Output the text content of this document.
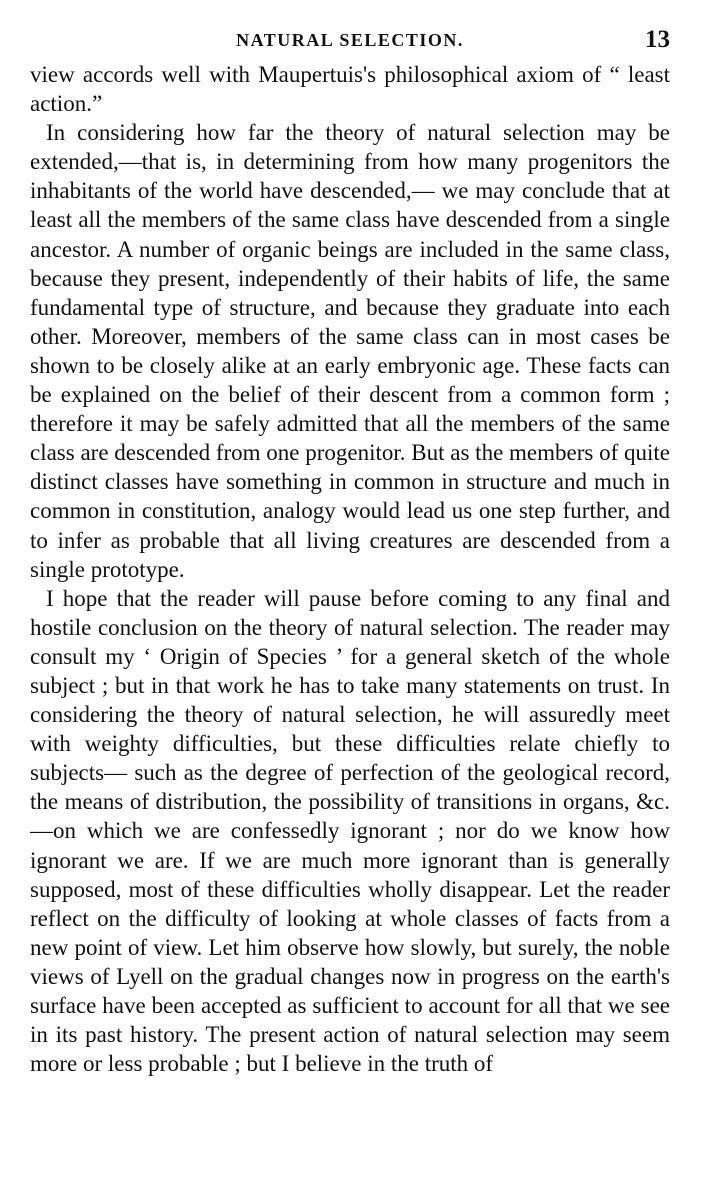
NATURAL SELECTION.	13

view accords well with Maupertuis's philosophical axiom of “ least action.”

In considering how far the theory of natural selection may be extended,—that is, in determining from how many progenitors the inhabitants of the world have descended,— we may conclude that at least all the members of the same class have descended from a single ancestor. A number of organic beings are included in the same class, because they present, independently of their habits of life, the same fundamental type of structure, and because they graduate into each other. Moreover, members of the same class can in most cases be shown to be closely alike at an early embryonic age. These facts can be explained on the belief of their descent from a common form ; therefore it may be safely admitted that all the members of the same class are descended from one progenitor. But as the members of quite distinct classes have something in common in structure and much in common in constitution, analogy would lead us one step further, and to infer as probable that all living creatures are descended from a single prototype.

I hope that the reader will pause before coming to any final and hostile conclusion on the theory of natural selection. The reader may consult my ‘ Origin of Species ’ for a general sketch of the whole subject ; but in that work he has to take many statements on trust. In considering the theory of natural selection, he will assuredly meet with weighty difficulties, but these difficulties relate chiefly to subjects— such as the degree of perfection of the geological record, the means of distribution, the possibility of transitions in organs, &c.—on which we are confessedly ignorant ; nor do we know how ignorant we are. If we are much more ignorant than is generally supposed, most of these difficulties wholly disappear. Let the reader reflect on the difficulty of looking at whole classes of facts from a new point of view. Let him observe how slowly, but surely, the noble views of Lyell on the gradual changes now in progress on the earth's surface have been accepted as sufficient to account for all that we see in its past history. The present action of natural selection may seem more or less probable ; but I believe in the truth of
